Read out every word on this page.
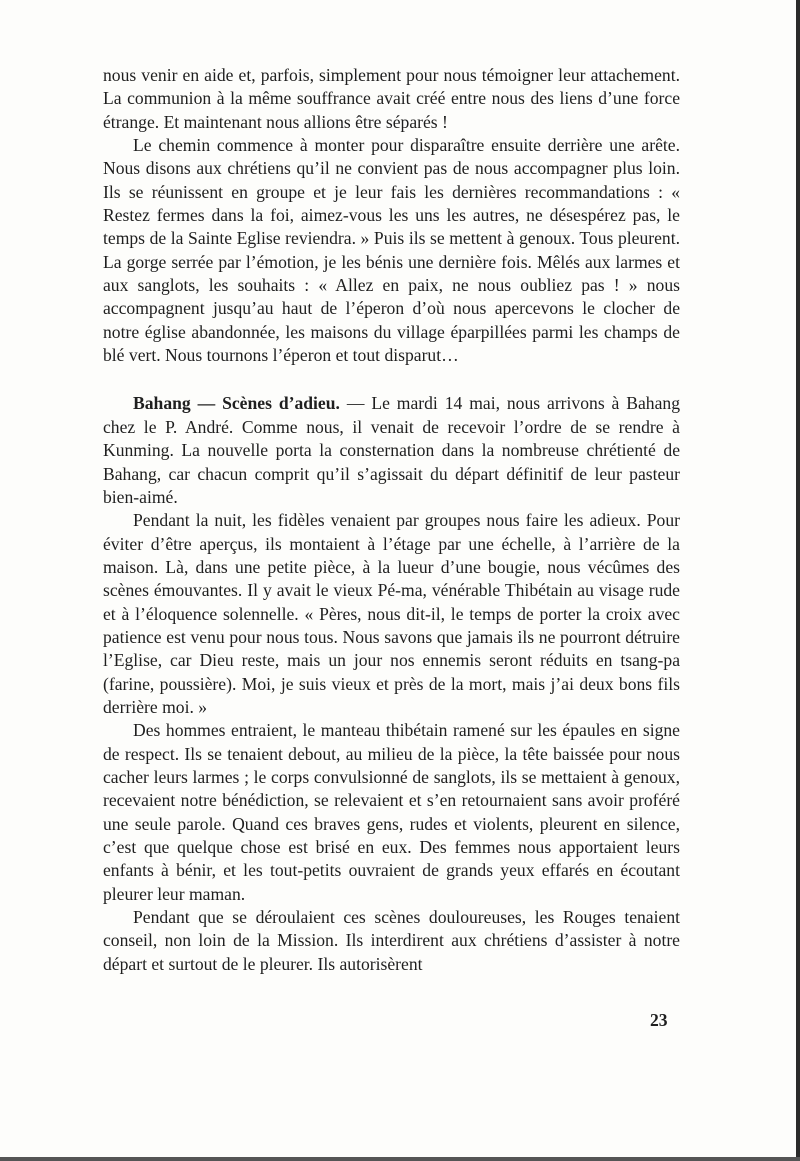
nous venir en aide et, parfois, simplement pour nous témoigner leur attachement. La communion à la même souffrance avait créé entre nous des liens d’une force étrange. Et maintenant nous allions être séparés !

Le chemin commence à monter pour disparaître ensuite derrière une arête. Nous disons aux chrétiens qu’il ne convient pas de nous accompagner plus loin. Ils se réunissent en groupe et je leur fais les dernières recommandations : « Restez fermes dans la foi, aimez-vous les uns les autres, ne désespérez pas, le temps de la Sainte Eglise reviendra. » Puis ils se mettent à genoux. Tous pleurent. La gorge serrée par l’émotion, je les bénis une dernière fois. Mêlés aux larmes et aux sanglots, les souhaits : « Allez en paix, ne nous oubliez pas ! » nous accompagnent jusqu’au haut de l’éperon d’où nous apercevons le clocher de notre église abandonnée, les maisons du village éparpillées parmi les champs de blé vert. Nous tournons l’éperon et tout disparut…

Bahang — Scènes d’adieu. — Le mardi 14 mai, nous arrivons à Bahang chez le P. André. Comme nous, il venait de recevoir l’ordre de se rendre à Kunming. La nouvelle porta la consternation dans la nombreuse chrétienté de Bahang, car chacun comprit qu’il s’agissait du départ définitif de leur pasteur bien-aimé.

Pendant la nuit, les fidèles venaient par groupes nous faire les adieux. Pour éviter d’être aperçus, ils montaient à l’étage par une échelle, à l’arrière de la maison. Là, dans une petite pièce, à la lueur d’une bougie, nous vécûmes des scènes émouvantes. Il y avait le vieux Pé-ma, vénérable Thibétain au visage rude et à l’éloquence solennelle. « Pères, nous dit-il, le temps de porter la croix avec patience est venu pour nous tous. Nous savons que jamais ils ne pourront détruire l’Eglise, car Dieu reste, mais un jour nos ennemis seront réduits en tsang-pa (farine, poussière). Moi, je suis vieux et près de la mort, mais j’ai deux bons fils derrière moi. »

Des hommes entraient, le manteau thibétain ramené sur les épaules en signe de respect. Ils se tenaient debout, au milieu de la pièce, la tête baissée pour nous cacher leurs larmes ; le corps convulsionné de sanglots, ils se mettaient à genoux, recevaient notre bénédiction, se relevaient et s’en retournaient sans avoir proféré une seule parole. Quand ces braves gens, rudes et violents, pleurent en silence, c’est que quelque chose est brisé en eux. Des femmes nous apportaient leurs enfants à bénir, et les tout-petits ouvraient de grands yeux effarés en écoutant pleurer leur maman.

Pendant que se déroulaient ces scènes douloureuses, les Rouges tenaient conseil, non loin de la Mission. Ils interdirent aux chrétiens d’assister à notre départ et surtout de le pleurer. Ils autorisèrent

23
